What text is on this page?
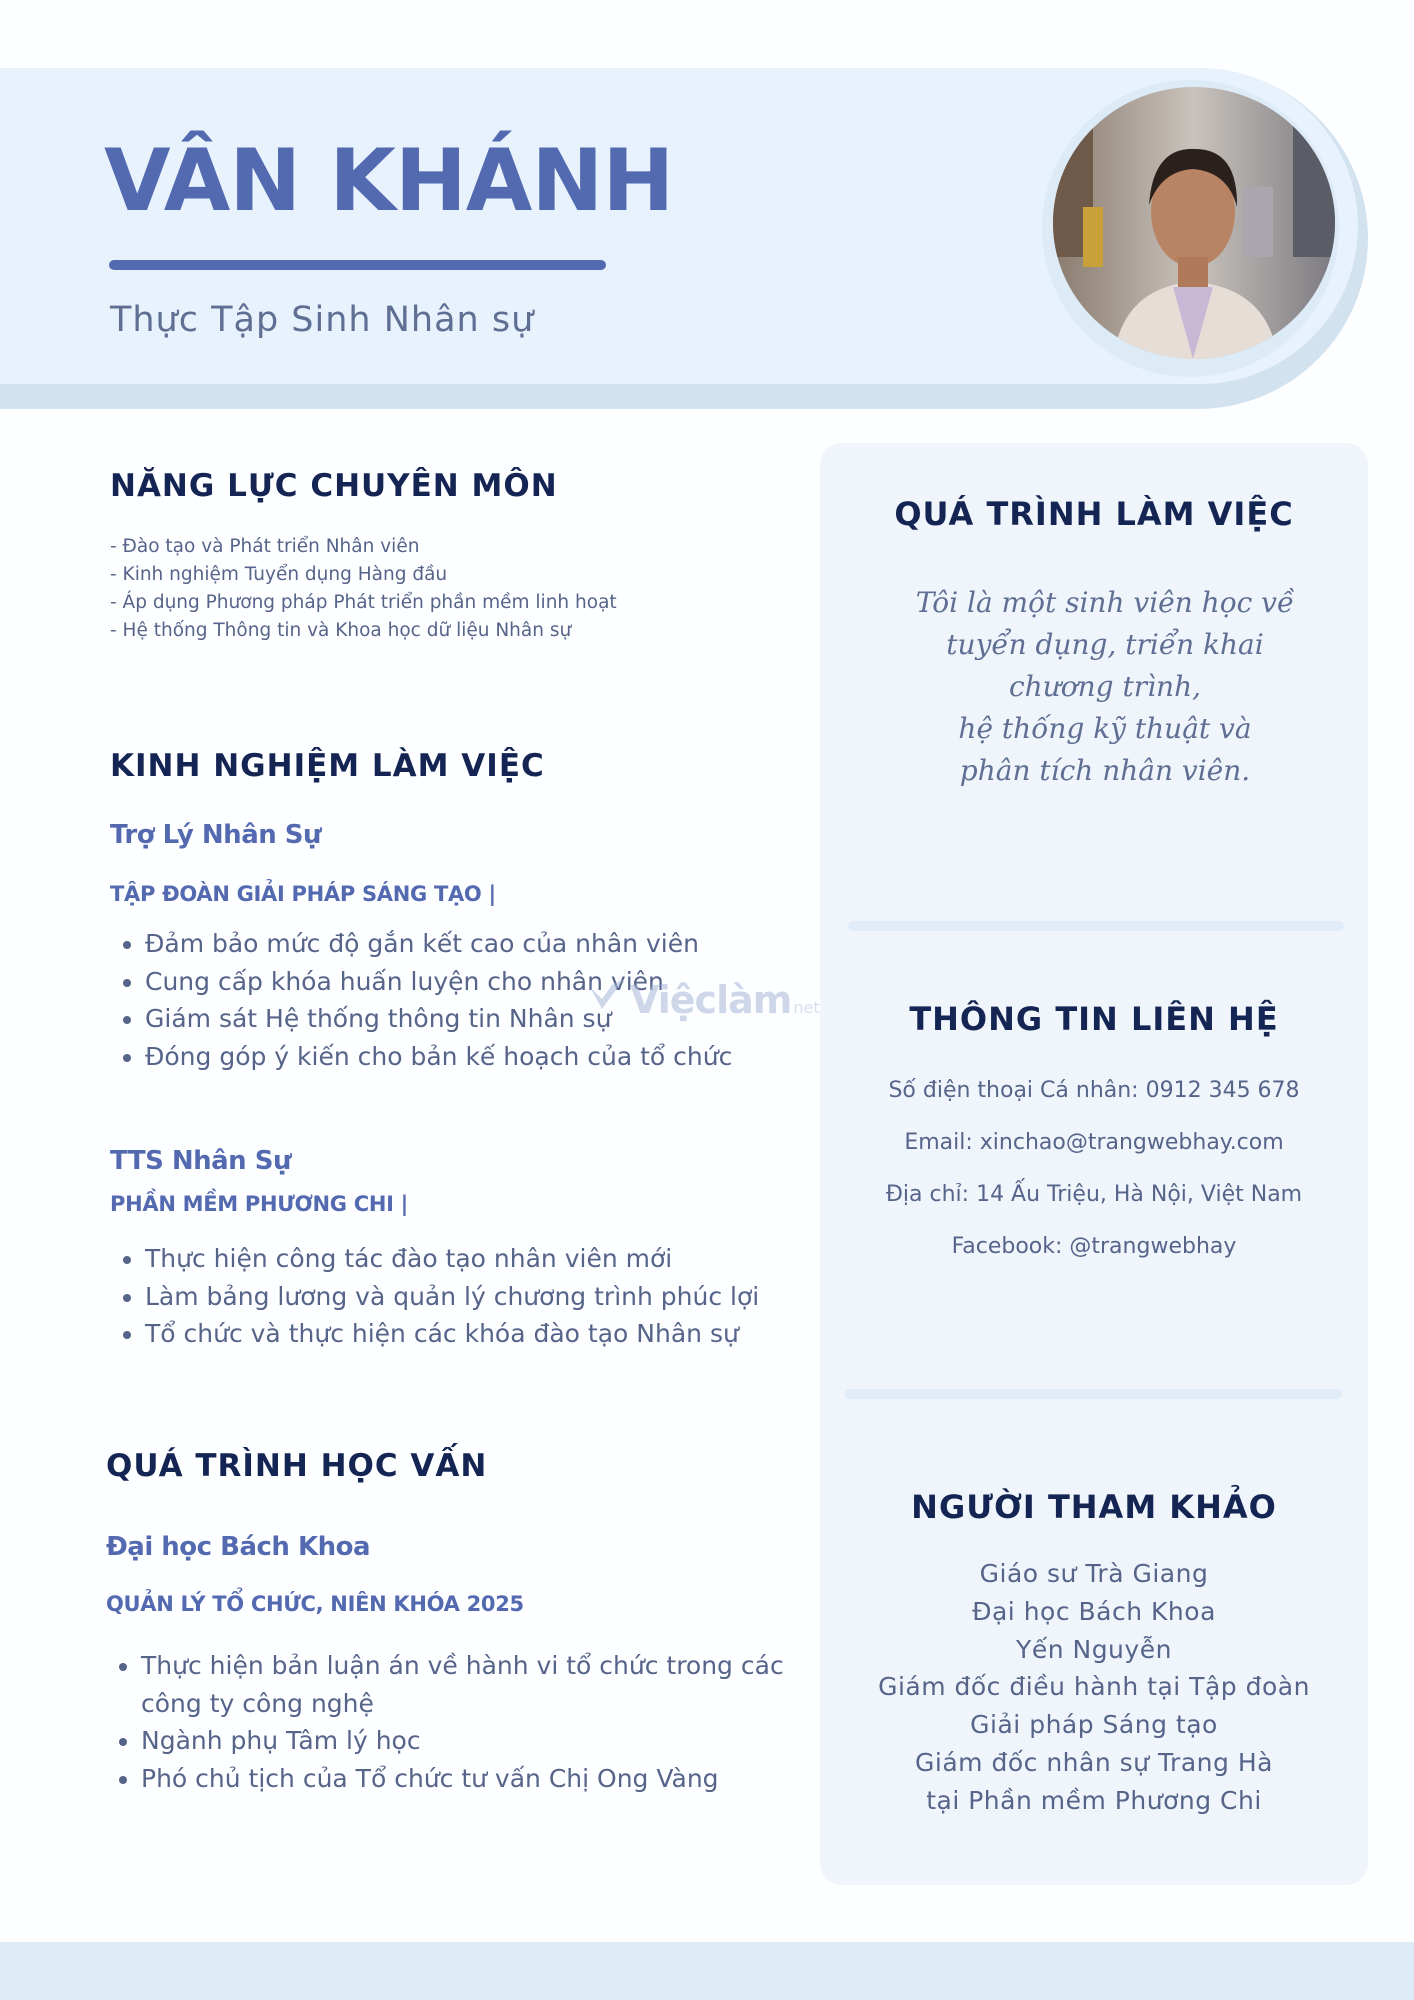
VÂN KHÁNH
Thực Tập Sinh Nhân sự
NĂNG LỰC CHUYÊN MÔN
- Đào tạo và Phát triển Nhân viên
- Kinh nghiệm Tuyển dụng Hàng đầu
- Áp dụng Phương pháp Phát triển phần mềm linh hoạt
- Hệ thống Thông tin và Khoa học dữ liệu Nhân sự
KINH NGHIỆM LÀM VIỆC
Trợ Lý Nhân Sự
TẬP ĐOÀN GIẢI PHÁP SÁNG TẠO |
• Đảm bảo mức độ gắn kết cao của nhân viên
• Cung cấp khóa huấn luyện cho nhân viên
• Giám sát Hệ thống thông tin Nhân sự
• Đóng góp ý kiến cho bản kế hoạch của tổ chức
TTS Nhân Sự
PHẦN MỀM PHƯƠNG CHI |
• Thực hiện công tác đào tạo nhân viên mới
• Làm bảng lương và quản lý chương trình phúc lợi
• Tổ chức và thực hiện các khóa đào tạo Nhân sự
QUÁ TRÌNH HỌC VẤN
Đại học Bách Khoa
QUẢN LÝ TỔ CHỨC, NIÊN KHÓA 2025
• Thực hiện bản luận án về hành vi tổ chức trong các công ty công nghệ
• Ngành phụ Tâm lý học
• Phó chủ tịch của Tổ chức tư vấn Chị Ong Vàng
Việclàm net
QUÁ TRÌNH LÀM VIỆC
Tôi là một sinh viên học về
tuyển dụng, triển khai
chương trình,
hệ thống kỹ thuật và
phân tích nhân viên.
THÔNG TIN LIÊN HỆ
Số điện thoại Cá nhân: 0912 345 678
Email: xinchao@trangwebhay.com
Địa chỉ: 14 Ấu Triệu, Hà Nội, Việt Nam
Facebook: @trangwebhay
NGƯỜI THAM KHẢO
Giáo sư Trà Giang
Đại học Bách Khoa
Yến Nguyễn
Giám đốc điều hành tại Tập đoàn
Giải pháp Sáng tạo
Giám đốc nhân sự Trang Hà
tại Phần mềm Phương Chi
